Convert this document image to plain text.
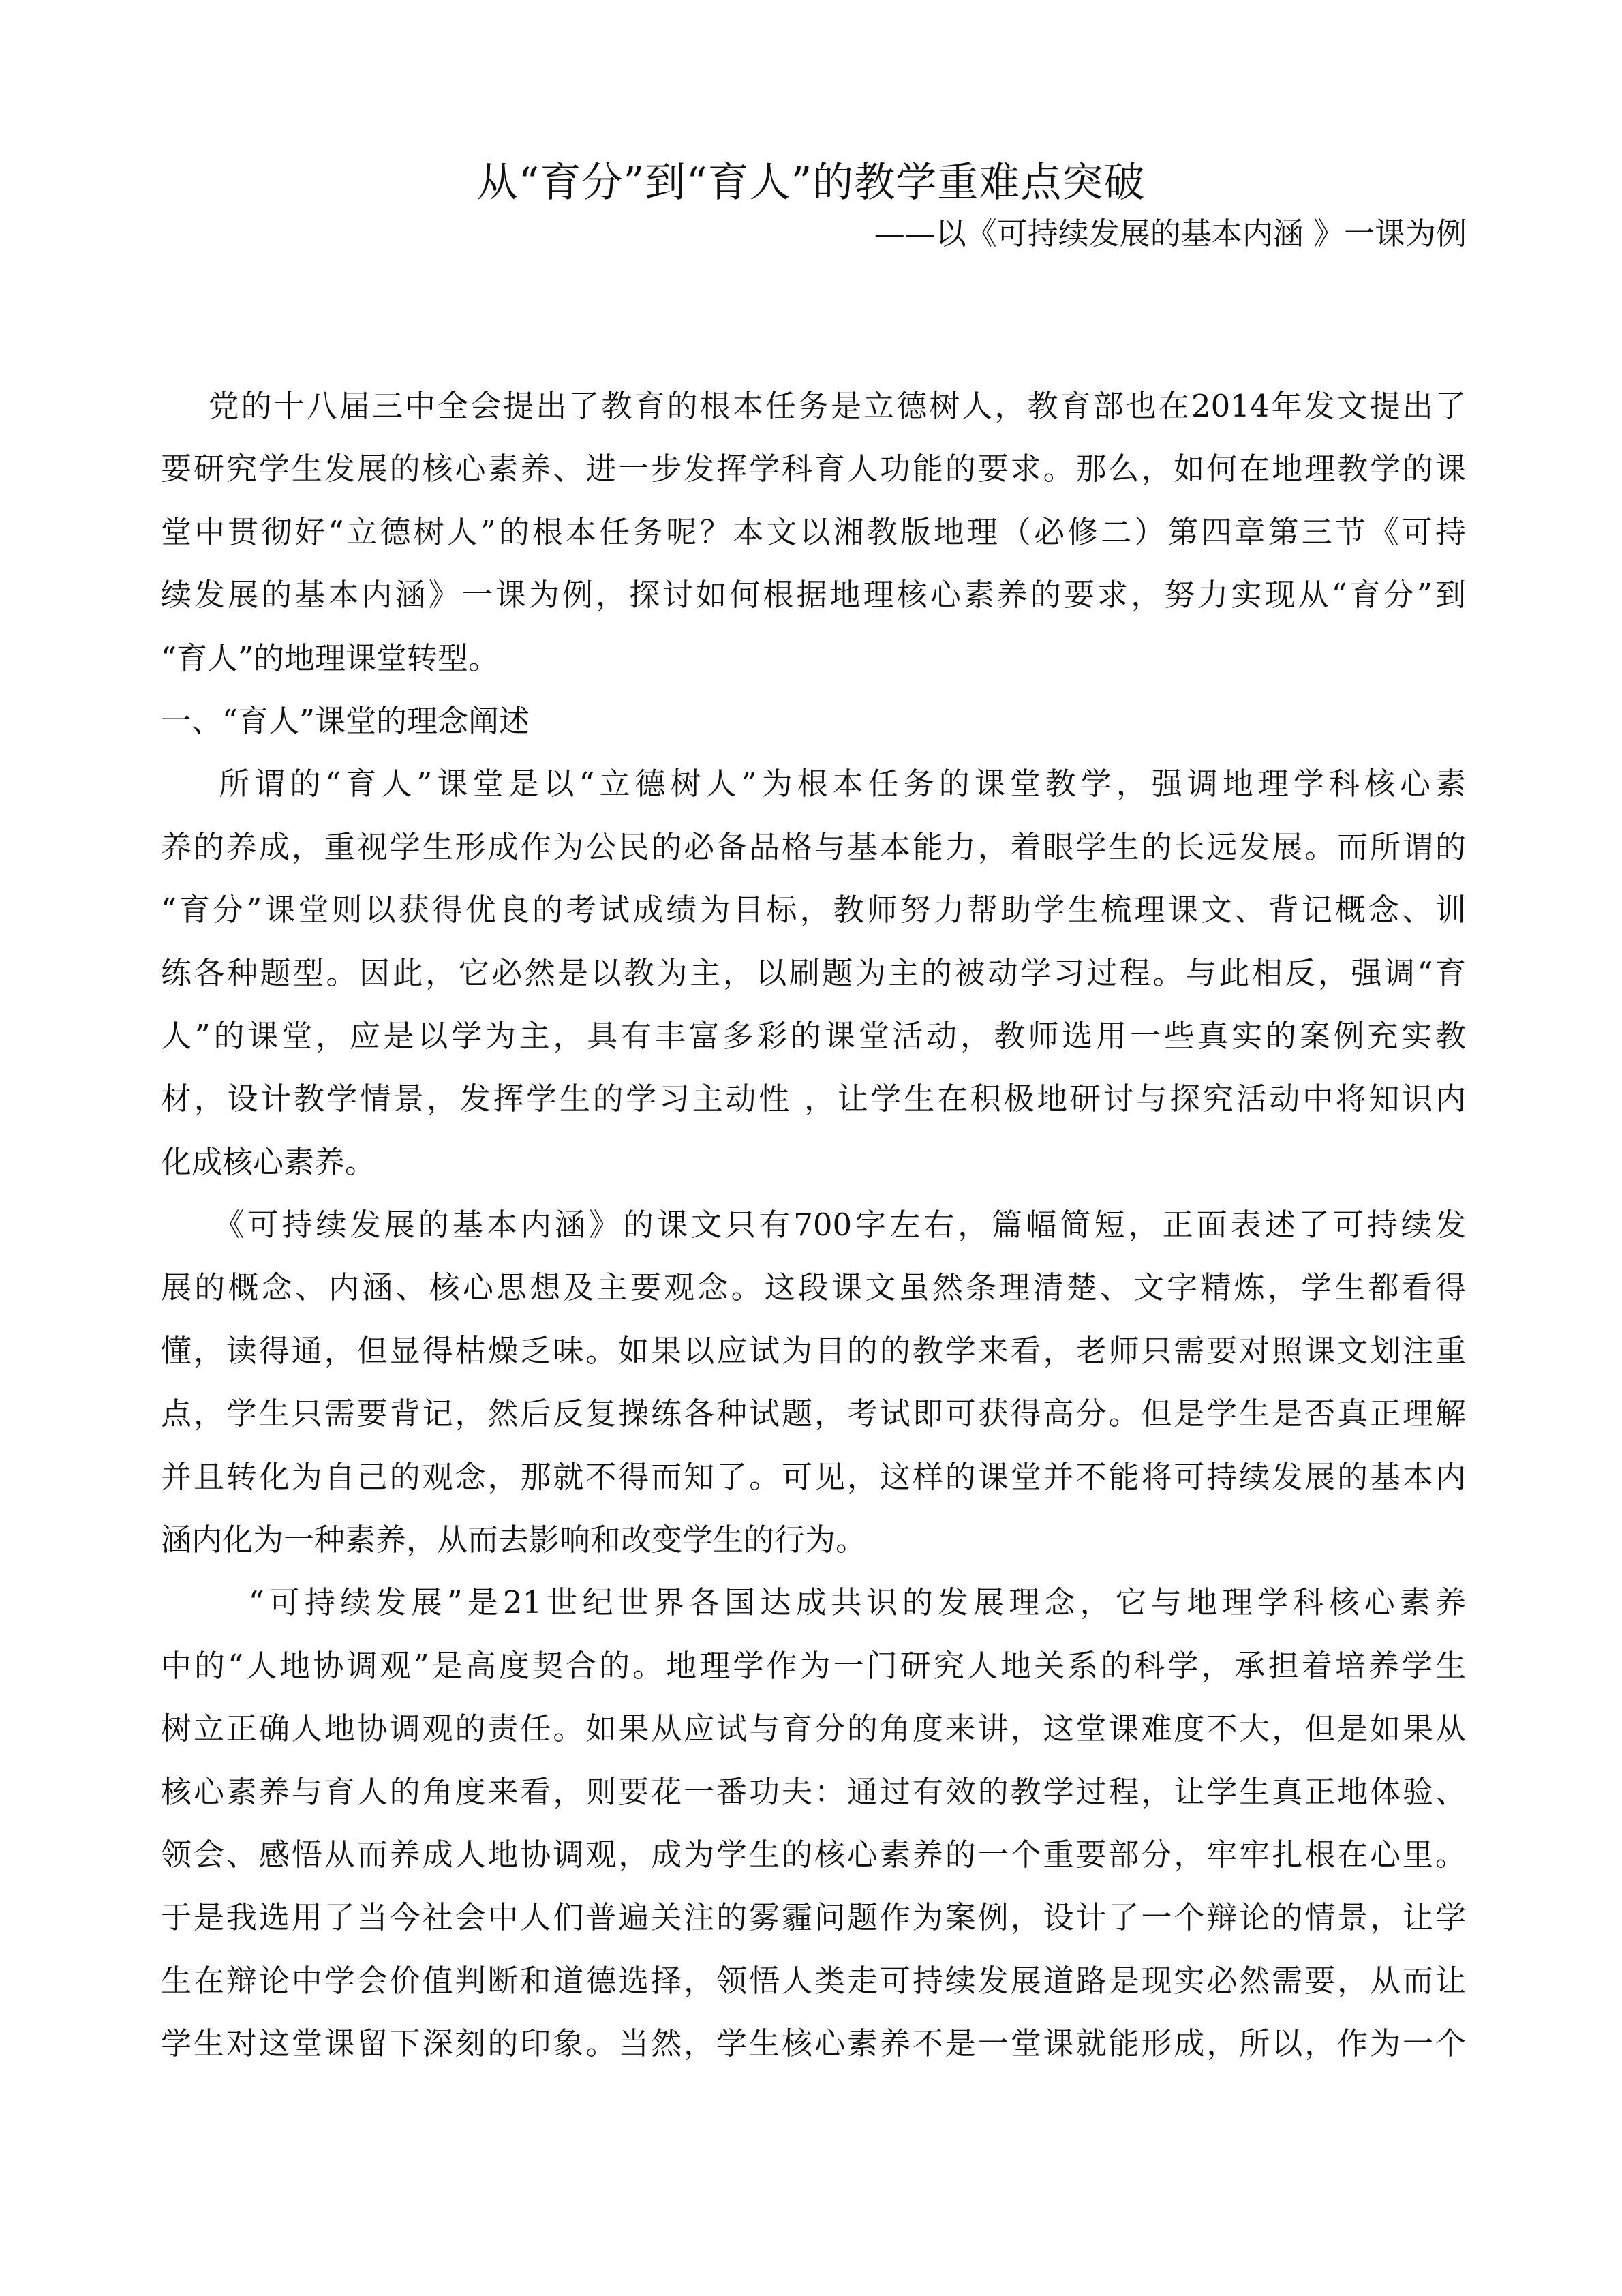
从“育分”到“育人”的教学重难点突破
——以《可持续发展的基本内涵 》一课为例
党的十八届三中全会提出了教育的根本任务是立德树人，教育部也在2014年发文提出了
要研究学生发展的核心素养、进一步发挥学科育人功能的要求。那么，如何在地理教学的课
堂中贯彻好“立德树人”的根本任务呢？本文以湘教版地理（必修二）第四章第三节《可持
续发展的基本内涵》一课为例，探讨如何根据地理核心素养的要求，努力实现从“育分”到
“育人”的地理课堂转型。
一、“育人”课堂的理念阐述
所谓的“育人”课堂是以“立德树人”为根本任务的课堂教学，强调地理学科核心素
养的养成，重视学生形成作为公民的必备品格与基本能力，着眼学生的长远发展。而所谓的
“育分”课堂则以获得优良的考试成绩为目标，教师努力帮助学生梳理课文、背记概念、训
练各种题型。因此，它必然是以教为主，以刷题为主的被动学习过程。与此相反，强调“育
人”的课堂，应是以学为主，具有丰富多彩的课堂活动，教师选用一些真实的案例充实教
材，设计教学情景，发挥学生的学习主动性 ，让学生在积极地研讨与探究活动中将知识内
化成核心素养。
《可持续发展的基本内涵》的课文只有700字左右，篇幅简短，正面表述了可持续发
展的概念、内涵、核心思想及主要观念。这段课文虽然条理清楚、文字精炼，学生都看得
懂，读得通，但显得枯燥乏味。如果以应试为目的的教学来看，老师只需要对照课文划注重
点，学生只需要背记，然后反复操练各种试题，考试即可获得高分。但是学生是否真正理解
并且转化为自己的观念，那就不得而知了。可见，这样的课堂并不能将可持续发展的基本内
涵内化为一种素养，从而去影响和改变学生的行为。
“可持续发展”是21世纪世界各国达成共识的发展理念，它与地理学科核心素养
中的“人地协调观”是高度契合的。地理学作为一门研究人地关系的科学，承担着培养学生
树立正确人地协调观的责任。如果从应试与育分的角度来讲，这堂课难度不大，但是如果从
核心素养与育人的角度来看，则要花一番功夫：通过有效的教学过程，让学生真正地体验、
领会、感悟从而养成人地协调观，成为学生的核心素养的一个重要部分，牢牢扎根在心里。
于是我选用了当今社会中人们普遍关注的雾霾问题作为案例，设计了一个辩论的情景，让学
生在辩论中学会价值判断和道德选择，领悟人类走可持续发展道路是现实必然需要，从而让
学生对这堂课留下深刻的印象。当然，学生核心素养不是一堂课就能形成，所以，作为一个
